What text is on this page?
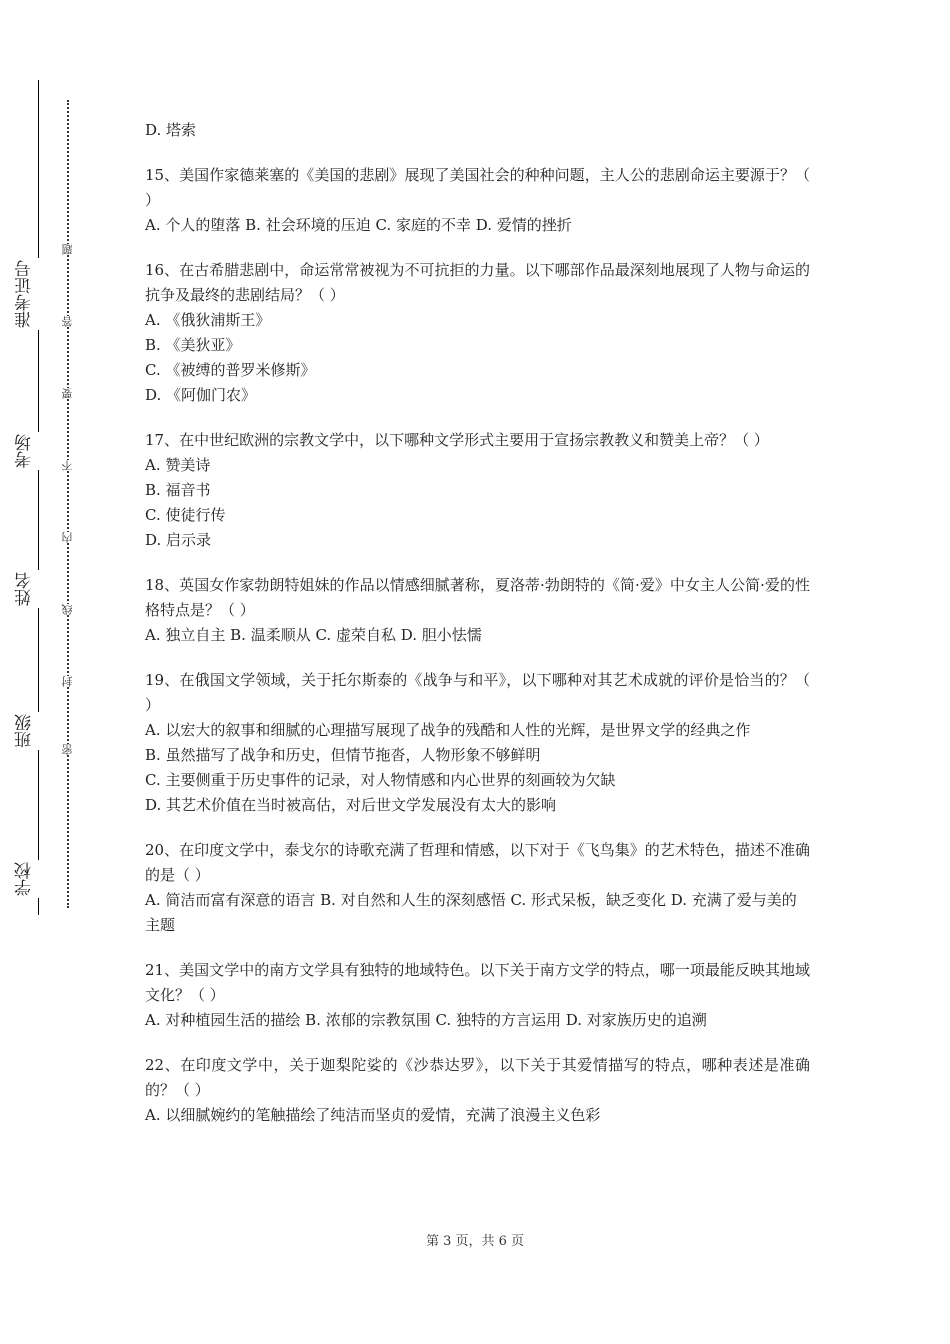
学校
班级
姓名
考场
准考证号
密
封
线
内
不
要
答
题
D. 塔索
15、美国作家德莱塞的《美国的悲剧》展现了美国社会的种种问题，主人公的悲剧命运主要源于？（ ）
A. 个人的堕落 B. 社会环境的压迫 C. 家庭的不幸 D. 爱情的挫折
16、在古希腊悲剧中，命运常常被视为不可抗拒的力量。以下哪部作品最深刻地展现了人物与命运的抗争及最终的悲剧结局？（ ）
A. 《俄狄浦斯王》
B. 《美狄亚》
C. 《被缚的普罗米修斯》
D. 《阿伽门农》
17、在中世纪欧洲的宗教文学中，以下哪种文学形式主要用于宣扬宗教教义和赞美上帝？（ ）
A. 赞美诗
B. 福音书
C. 使徒行传
D. 启示录
18、英国女作家勃朗特姐妹的作品以情感细腻著称，夏洛蒂·勃朗特的《简·爱》中女主人公简·爱的性格特点是？（ ）
A. 独立自主 B. 温柔顺从 C. 虚荣自私 D. 胆小怯懦
19、在俄国文学领域，关于托尔斯泰的《战争与和平》，以下哪种对其艺术成就的评价是恰当的？（ ）
A. 以宏大的叙事和细腻的心理描写展现了战争的残酷和人性的光辉，是世界文学的经典之作
B. 虽然描写了战争和历史，但情节拖沓，人物形象不够鲜明
C. 主要侧重于历史事件的记录，对人物情感和内心世界的刻画较为欠缺
D. 其艺术价值在当时被高估，对后世文学发展没有太大的影响
20、在印度文学中，泰戈尔的诗歌充满了哲理和情感，以下对于《飞鸟集》的艺术特色，描述不准确的是（ ）
A. 简洁而富有深意的语言 B. 对自然和人生的深刻感悟 C. 形式呆板，缺乏变化 D. 充满了爱与美的主题
21、美国文学中的南方文学具有独特的地域特色。以下关于南方文学的特点，哪一项最能反映其地域文化？（ ）
A. 对种植园生活的描绘 B. 浓郁的宗教氛围 C. 独特的方言运用 D. 对家族历史的追溯
22、在印度文学中，关于迦梨陀娑的《沙恭达罗》，以下关于其爱情描写的特点，哪种表述是准确的？（ ）
A. 以细腻婉约的笔触描绘了纯洁而坚贞的爱情，充满了浪漫主义色彩
第 3 页，共 6 页
